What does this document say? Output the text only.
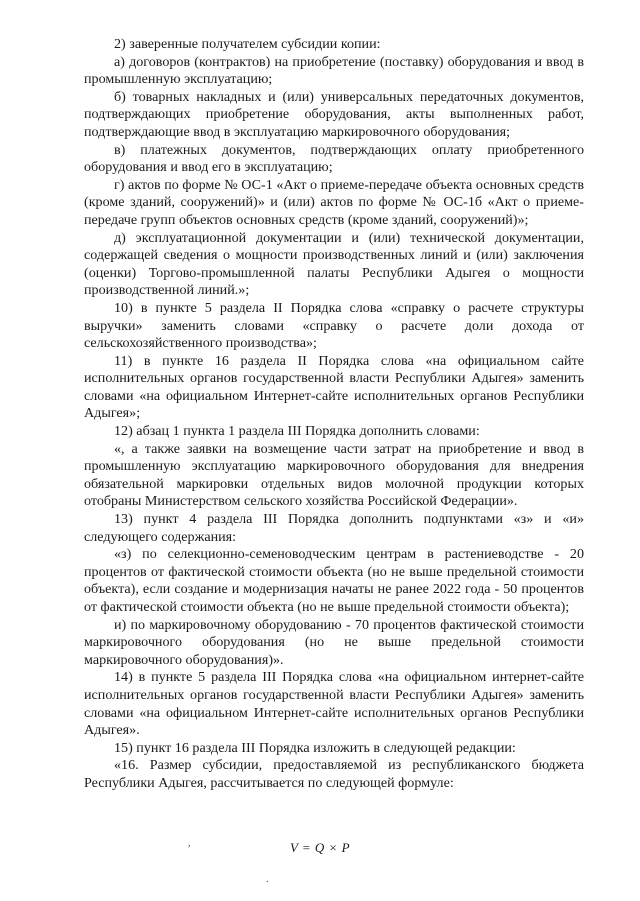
2) заверенные получателем субсидии копии:

а) договоров (контрактов) на приобретение (поставку) оборудования и ввод в промышленную эксплуатацию;

б) товарных накладных и (или) универсальных передаточных документов, подтверждающих приобретение оборудования, акты выполненных работ, подтверждающие ввод в эксплуатацию маркировочного оборудования;

в) платежных документов, подтверждающих оплату приобретенного оборудования и ввод его в эксплуатацию;

г) актов по форме № ОС-1 «Акт о приеме-передаче объекта основных средств (кроме зданий, сооружений)» и (или) актов по форме № ОС-1б «Акт о приеме-передаче групп объектов основных средств (кроме зданий, сооружений)»;

д) эксплуатационной документации и (или) технической документации, содержащей сведения о мощности производственных линий и (или) заключения (оценки) Торгово-промышленной палаты Республики Адыгея о мощности производственной линий.»;

10) в пункте 5 раздела II Порядка слова «справку о расчете структуры выручки» заменить словами «справку о расчете доли дохода от сельскохозяйственного производства»;

11) в пункте 16 раздела II Порядка слова «на официальном сайте исполнительных органов государственной власти Республики Адыгея» заменить словами «на официальном Интернет-сайте исполнительных органов Республики Адыгея»;

12) абзац 1 пункта 1 раздела III Порядка дополнить словами:

«, а также заявки на возмещение части затрат на приобретение и ввод в промышленную эксплуатацию маркировочного оборудования для внедрения обязательной маркировки отдельных видов молочной продукции которых отобраны Министерством сельского хозяйства Российской Федерации».

13) пункт 4 раздела III Порядка дополнить подпунктами «з» и «и» следующего содержания:

«з) по селекционно-семеноводческим центрам в растениеводстве - 20 процентов от фактической стоимости объекта (но не выше предельной стоимости объекта), если создание и модернизация начаты не ранее 2022 года - 50 процентов от фактической стоимости объекта (но не выше предельной стоимости объекта);

и) по маркировочному оборудованию - 70 процентов фактической стоимости маркировочного оборудования (но не выше предельной стоимости маркировочного оборудования)».

14) в пункте 5 раздела III Порядка слова «на официальном интернет-сайте исполнительных органов государственной власти Республики Адыгея» заменить словами «на официальном Интернет-сайте исполнительных органов Республики Адыгея».

15) пункт 16 раздела III Порядка изложить в следующей редакции:

«16. Размер субсидии, предоставляемой из республиканского бюджета Республики Адыгея, рассчитывается по следующей формуле:

V = Q × P
,
.
